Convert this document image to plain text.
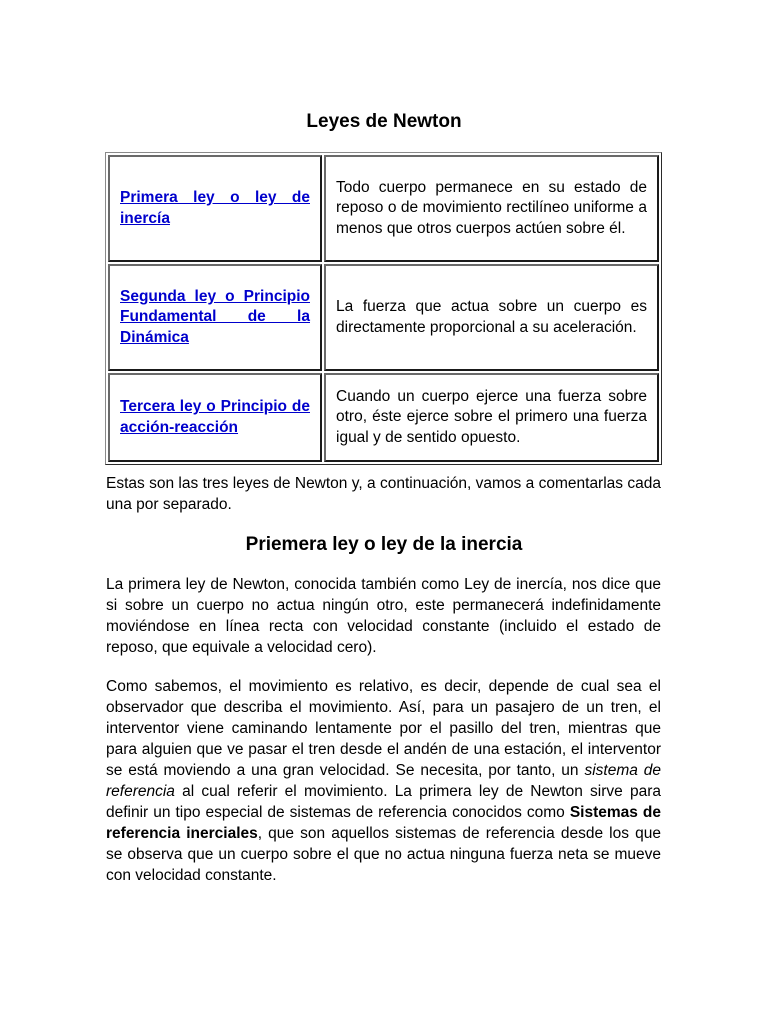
Leyes de Newton
Primera ley o ley de inercía	Todo cuerpo permanece en su estado de reposo o de movimiento rectilíneo uniforme a menos que otros cuerpos actúen sobre él.
Segunda ley o Principio Fundamental de la Dinámica	La fuerza que actua sobre un cuerpo es directamente proporcional a su aceleración.
Tercera ley o Principio de acción-reacción	Cuando un cuerpo ejerce una fuerza sobre otro, éste ejerce sobre el primero una fuerza igual y de sentido opuesto.

Estas son las tres leyes de Newton y, a continuación, vamos a comentarlas cada una por separado.

Priemera ley o ley de la inercia

La primera ley de Newton, conocida también como Ley de inercía, nos dice que si sobre un cuerpo no actua ningún otro, este permanecerá indefinidamente moviéndose en línea recta con velocidad constante (incluido el estado de reposo, que equivale a velocidad cero).

Como sabemos, el movimiento es relativo, es decir, depende de cual sea el observador que describa el movimiento. Así, para un pasajero de un tren, el interventor viene caminando lentamente por el pasillo del tren, mientras que para alguien que ve pasar el tren desde el andén de una estación, el interventor se está moviendo a una gran velocidad. Se necesita, por tanto, un sistema de referencia al cual referir el movimiento. La primera ley de Newton sirve para definir un tipo especial de sistemas de referencia conocidos como Sistemas de referencia inerciales, que son aquellos sistemas de referencia desde los que se observa que un cuerpo sobre el que no actua ninguna fuerza neta se mueve con velocidad constante.
